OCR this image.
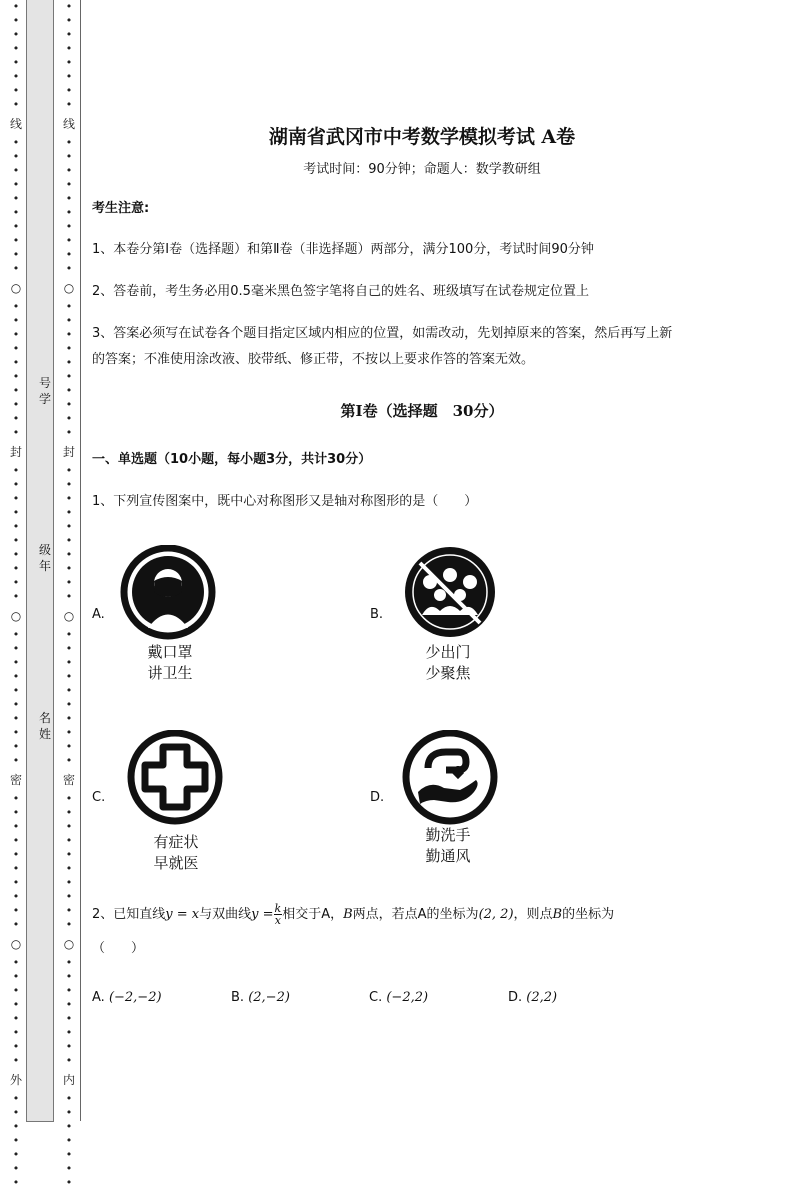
•
•
•
•
•
•
•
•
线
•
•
•
•
•
•
•
•
•
•
○
•
•
•
•
•
•
•
•
•
•
封
•
•
•
•
•
•
•
•
•
•
○
•
•
•
•
•
•
•
•
•
•
密
•
•
•
•
•
•
•
•
•
•
○
•
•
•
•
•
•
•
•
外
•
•
•
•
•
•
•
•
•
•
•
•
•
•
•
线
•
•
•
•
•
•
•
•
•
•
○
•
•
•
•
•
•
•
•
•
•
封
•
•
•
•
•
•
•
•
•
•
○
•
•
•
•
•
•
•
•
•
•
密
•
•
•
•
•
•
•
•
•
•
○
•
•
•
•
•
•
•
•
内
•
•
•
•
•
•
•
号
学
级
年
名
姓
湖南省武冈市中考数学模拟考试 A卷
考试时间：90分钟；命题人：数学教研组
考生注意:
1、本卷分第I卷（选择题）和第Ⅱ卷（非选择题）两部分，满分100分，考试时间90分钟
2、答卷前，考生务必用0.5毫米黑色签字笔将自己的姓名、班级填写在试卷规定位置上
3、答案必须写在试卷各个题目指定区域内相应的位置，如需改动，先划掉原来的答案，然后再写上新
的答案；不准使用涂改液、胶带纸、修正带，不按以上要求作答的答案无效。
第I卷（选择题　30分）
一、单选题（10小题，每小题3分，共计30分）
1、下列宣传图案中，既中心对称图形又是轴对称图形的是（　　）
A.
戴口罩
讲卫生
B.
少出门
少聚焦
C.
有症状
早就医
D.
勤洗手
勤通风
2、已知直线y = x与双曲线$y = \frac{k}{x}$ 相交于A，B两点，若点A的坐标为(2, 2)，则点B的坐标为
（　　）
A. (−2,−2)	B. (2,−2)	C. (−2,2)	D. (2,2)
